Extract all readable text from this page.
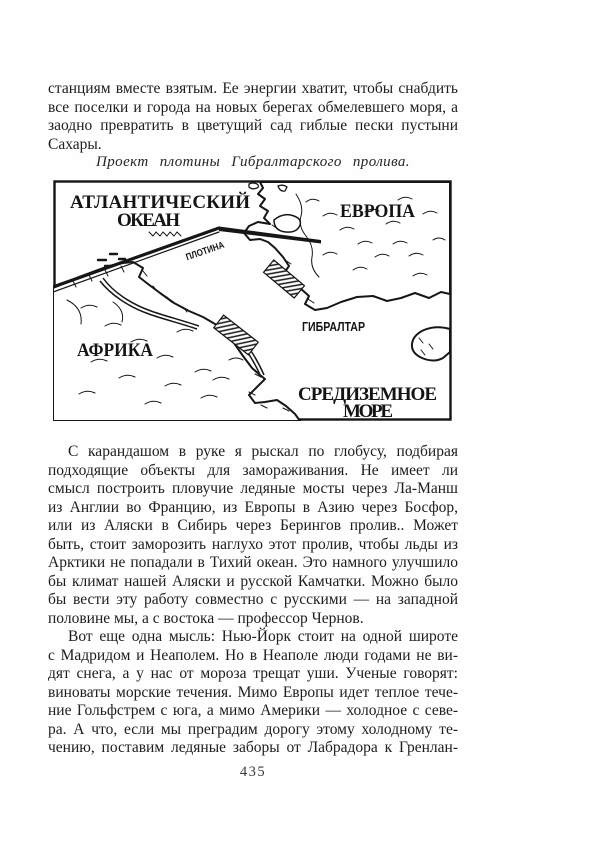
станциям вместе взятым. Ее энергии хватит, чтобы снабдить
все поселки и города на новых берегах обмелевшего моря, а
заодно превратить в цветущий сад гиблые пески пустыни
Сахары.
Проект плотины Гибралтарского пролива.
АТЛАНТИЧЕСКИЙ
ОКЕАН	ЕВРОПА
АФРИКА
ГИБРАЛТАР
ПЛОТИНА
СРЕДИЗЕМНОЕ
МОРЕ
С карандашом в руке я рыскал по глобусу, подбирая
подходящие объекты для замораживания. Не имеет ли
смысл построить пловучие ледяные мосты через Ла-Манш
из Англии во Францию, из Европы в Азию через Босфор,
или из Аляски в Сибирь через Берингов пролив.. Может
быть, стоит заморозить наглухо этот пролив, чтобы льды из
Арктики не попадали в Тихий океан. Это намного улучшило
бы климат нашей Аляски и русской Камчатки. Можно было
бы вести эту работу совместно с русскими — на западной
половине мы, а с востока — профессор Чернов.
Вот еще одна мысль: Нью-Йорк стоит на одной широте
с Мадридом и Неаполем. Но в Неаполе люди годами не ви-
дят снега, а у нас от мороза трещат уши. Ученые говорят:
виноваты морские течения. Мимо Европы идет теплое тече-
ние Гольфстрем с юга, а мимо Америки — холодное с севе-
ра. А что, если мы преградим дорогу этому холодному те-
чению, поставим ледяные заборы от Лабрадора к Гренлан-
435
